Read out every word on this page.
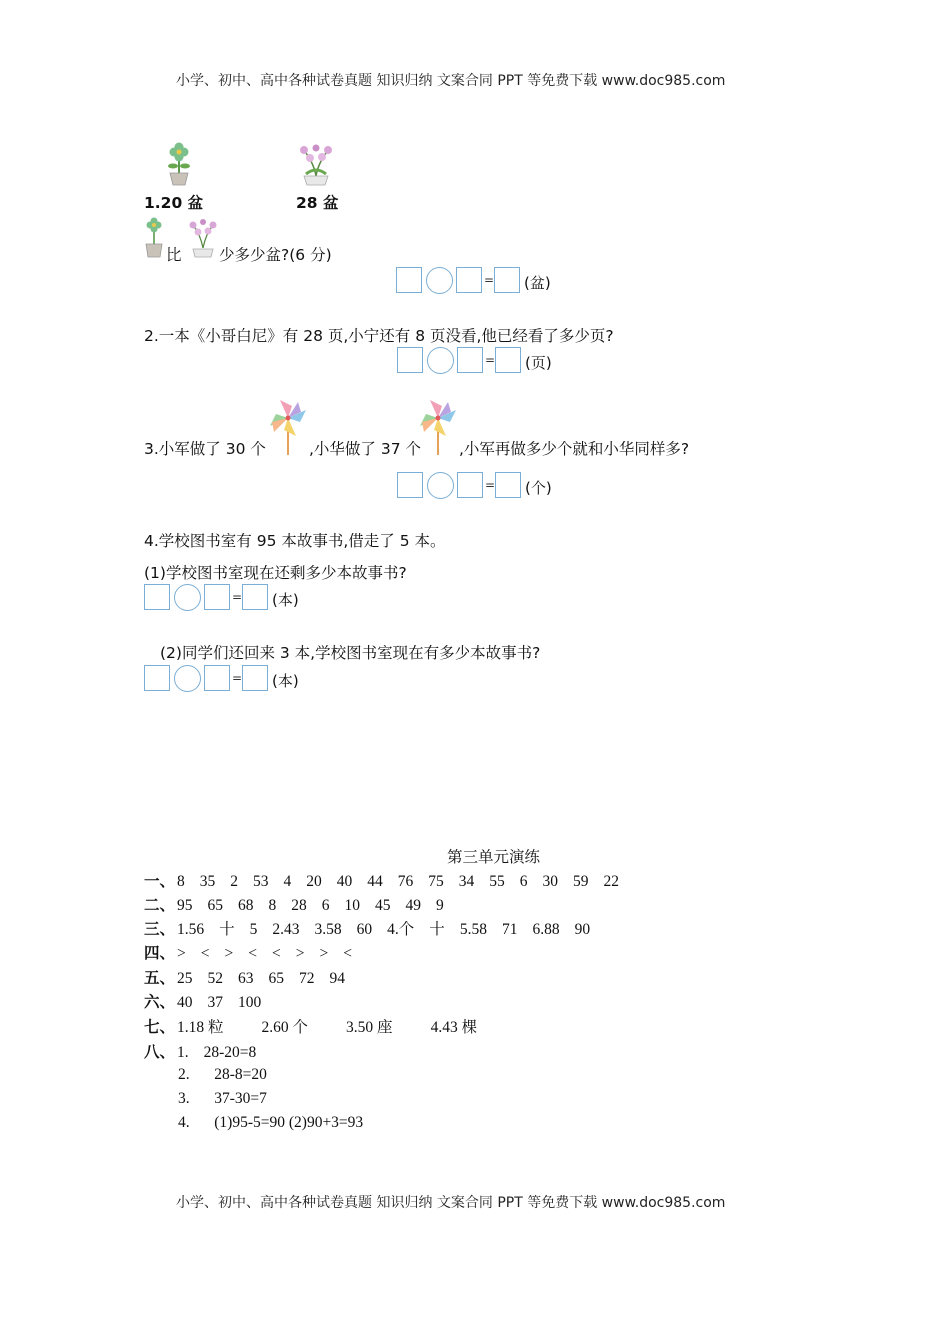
小学、初中、高中各种试卷真题 知识归纳 文案合同 PPT 等免费下载 www.doc985.com
小学、初中、高中各种试卷真题 知识归纳 文案合同 PPT 等免费下载 www.doc985.com
1.20 盆	28 盆
比 少多少盆?(6 分)
= (盆)
2.一本《小哥白尼》有 28 页,小宁还有 8 页没看,他已经看了多少页?
= (页)
3.小军做了 30 个	,小华做了 37 个 ,小军再做多少个就和小华同样多?
= (个)
4.学校图书室有 95 本故事书,借走了 5 本。
(1)学校图书室现在还剩多少本故事书?
= (本)
(2)同学们还回来 3 本,学校图书室现在有多少本故事书?
= (本)
第三单元演练
一、 8 35 2 53 4 20 40 44 76 75 34 55 6 30 59 22
二、 95 65 68 8 28 6 10 45 49 9
三、 1.56 十 5 2.43 3.58 60 4.个 十 5.58 71 6.88 90
四、 > < > < < > > <
五、 25 52 63 65 72 94
六、 40 37 100
七、 1.18 粒 2.60 个 3.50 座 4.43 棵
八、 1. 28-20=8
2. 28-8=20
3. 37-30=7
4. (1)95-5=90 (2)90+3=93
